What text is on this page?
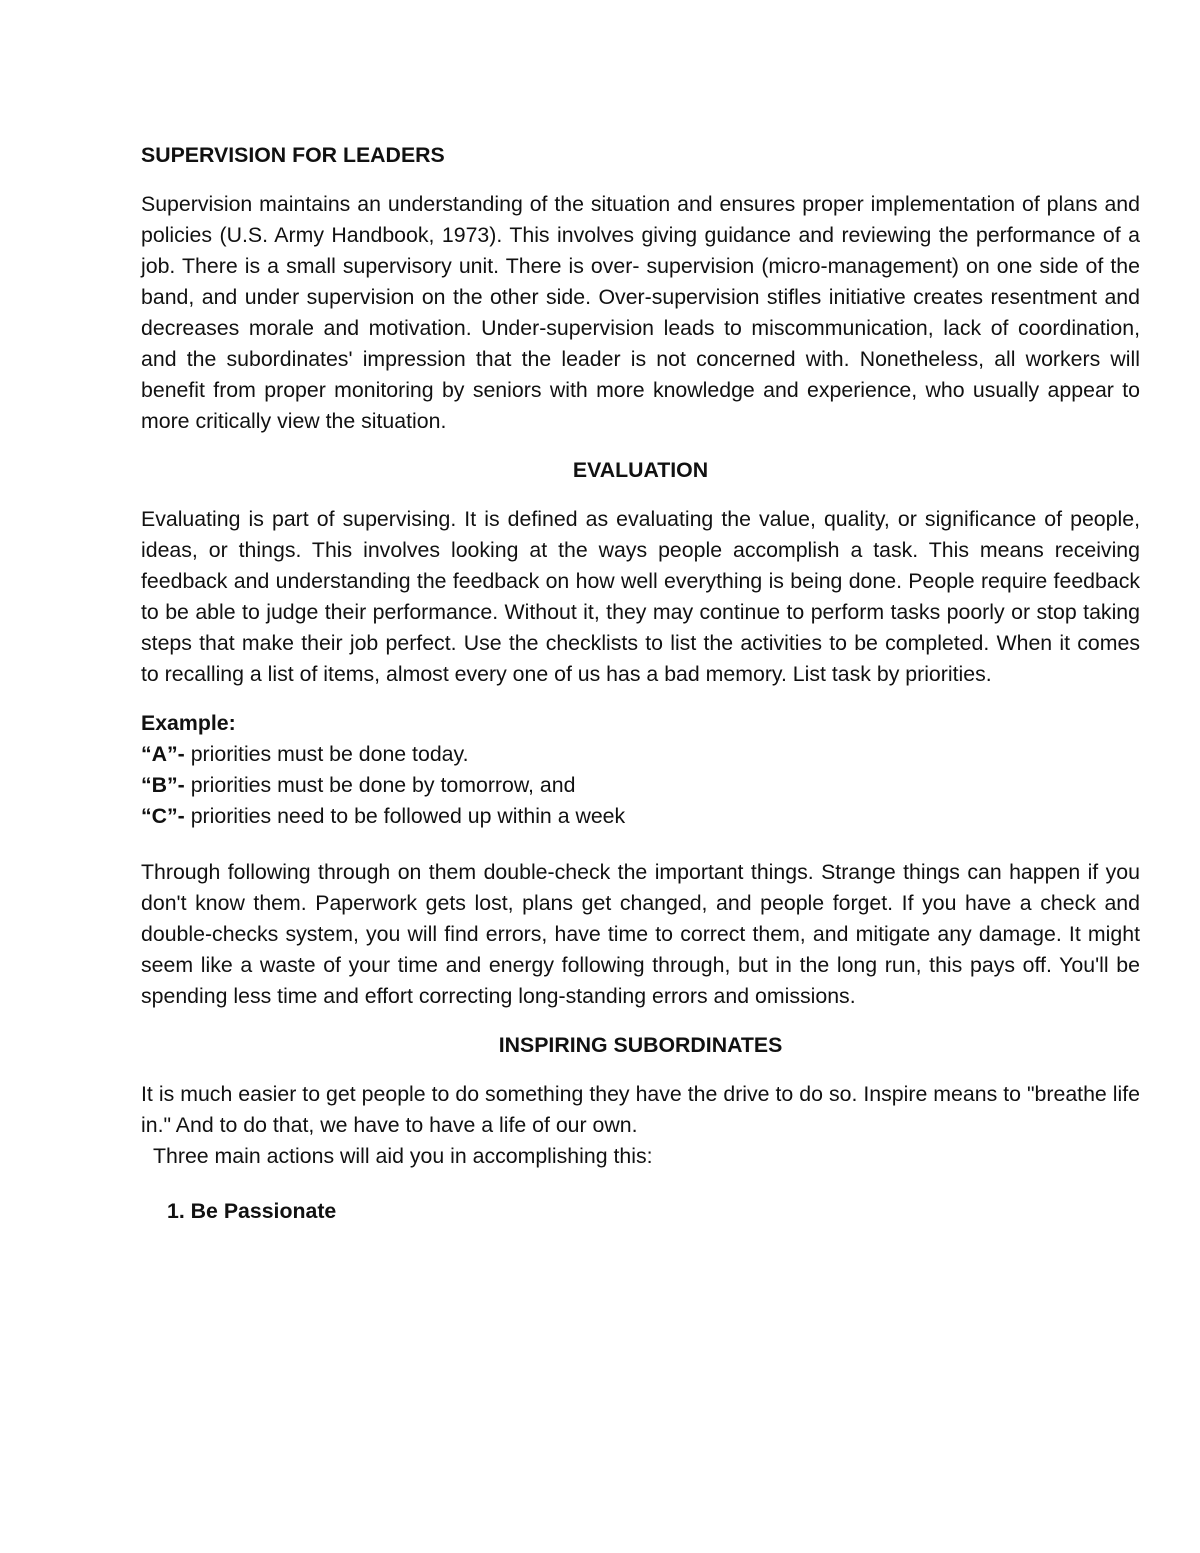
SUPERVISION FOR LEADERS

Supervision maintains an understanding of the situation and ensures proper implementation of plans and policies (U.S. Army Handbook, 1973). This involves giving guidance and reviewing the performance of a job. There is a small supervisory unit. There is over- supervision (micro-management) on one side of the band, and under supervision on the other side. Over-supervision stifles initiative creates resentment and decreases morale and motivation. Under-supervision leads to miscommunication, lack of coordination, and the subordinates' impression that the leader is not concerned with. Nonetheless, all workers will benefit from proper monitoring by seniors with more knowledge and experience, who usually appear to more critically view the situation.

EVALUATION

Evaluating is part of supervising. It is defined as evaluating the value, quality, or significance of people, ideas, or things. This involves looking at the ways people accomplish a task. This means receiving feedback and understanding the feedback on how well everything is being done. People require feedback to be able to judge their performance. Without it, they may continue to perform tasks poorly or stop taking steps that make their job perfect. Use the checklists to list the activities to be completed. When it comes to recalling a list of items, almost every one of us has a bad memory. List task by priorities.

Example:
“A”- priorities must be done today.
“B”- priorities must be done by tomorrow, and
“C”- priorities need to be followed up within a week

Through following through on them double-check the important things. Strange things can happen if you don't know them. Paperwork gets lost, plans get changed, and people forget. If you have a check and double-checks system, you will find errors, have time to correct them, and mitigate any damage. It might seem like a waste of your time and energy following through, but in the long run, this pays off. You'll be spending less time and effort correcting long-standing errors and omissions.

INSPIRING SUBORDINATES

It is much easier to get people to do something they have the drive to do so. Inspire means to "breathe life in." And to do that, we have to have a life of our own.

Three main actions will aid you in accomplishing this:
1. Be Passionate
